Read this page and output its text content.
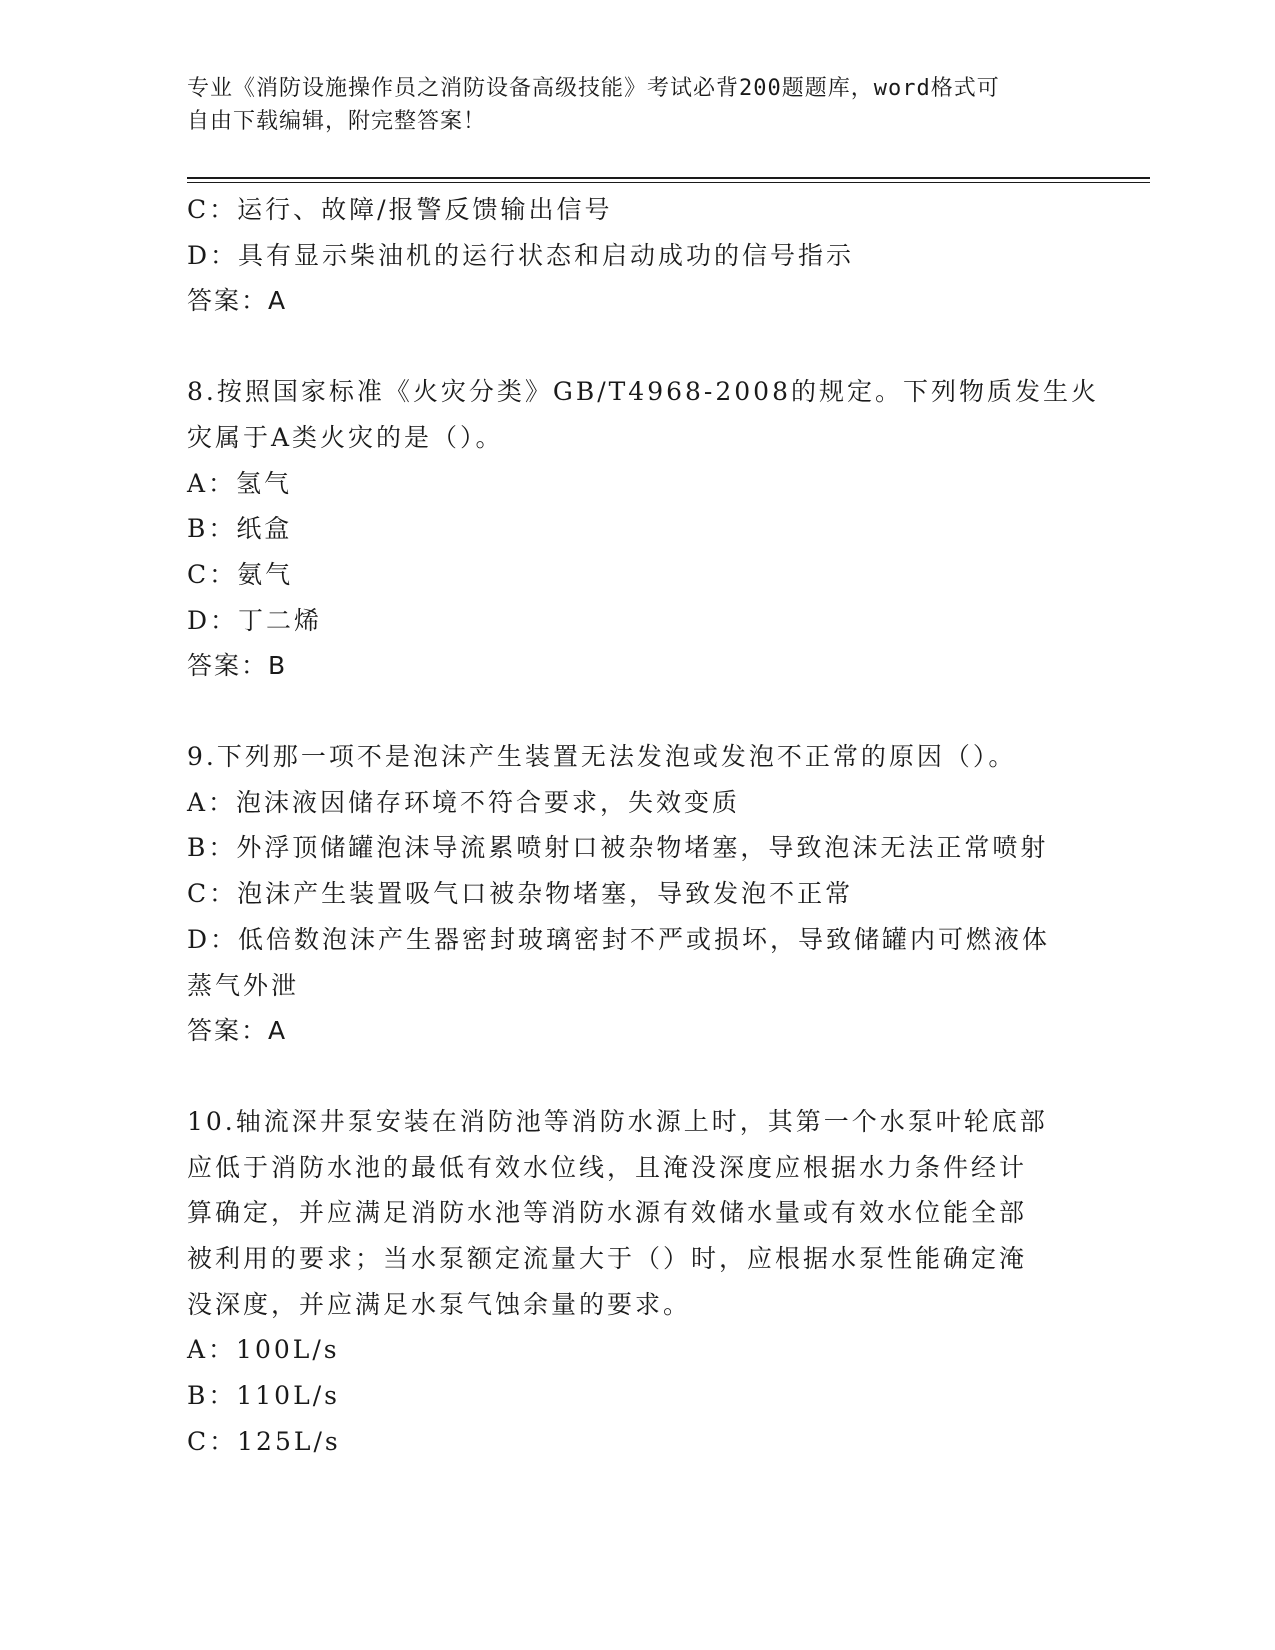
专业《消防设施操作员之消防设备高级技能》考试必背200题题库，word格式可
自由下载编辑，附完整答案！
C：运行、故障/报警反馈输出信号
D：具有显示柴油机的运行状态和启动成功的信号指示
答案：A
8.按照国家标准《火灾分类》GB/T4968-2008的规定。下列物质发生火
灾属于A类火灾的是（）。
A：氢气
B：纸盒
C：氨气
D：丁二烯
答案：B
9.下列那一项不是泡沫产生装置无法发泡或发泡不正常的原因（）。
A：泡沫液因储存环境不符合要求，失效变质
B：外浮顶储罐泡沫导流累喷射口被杂物堵塞，导致泡沫无法正常喷射
C：泡沫产生装置吸气口被杂物堵塞，导致发泡不正常
D：低倍数泡沫产生器密封玻璃密封不严或损坏，导致储罐内可燃液体
蒸气外泄
答案：A
10.轴流深井泵安装在消防池等消防水源上时，其第一个水泵叶轮底部
应低于消防水池的最低有效水位线，且淹没深度应根据水力条件经计
算确定，并应满足消防水池等消防水源有效储水量或有效水位能全部
被利用的要求；当水泵额定流量大于（）时，应根据水泵性能确定淹
没深度，并应满足水泵气蚀余量的要求。
A：100L/s
B：110L/s
C：125L/s
